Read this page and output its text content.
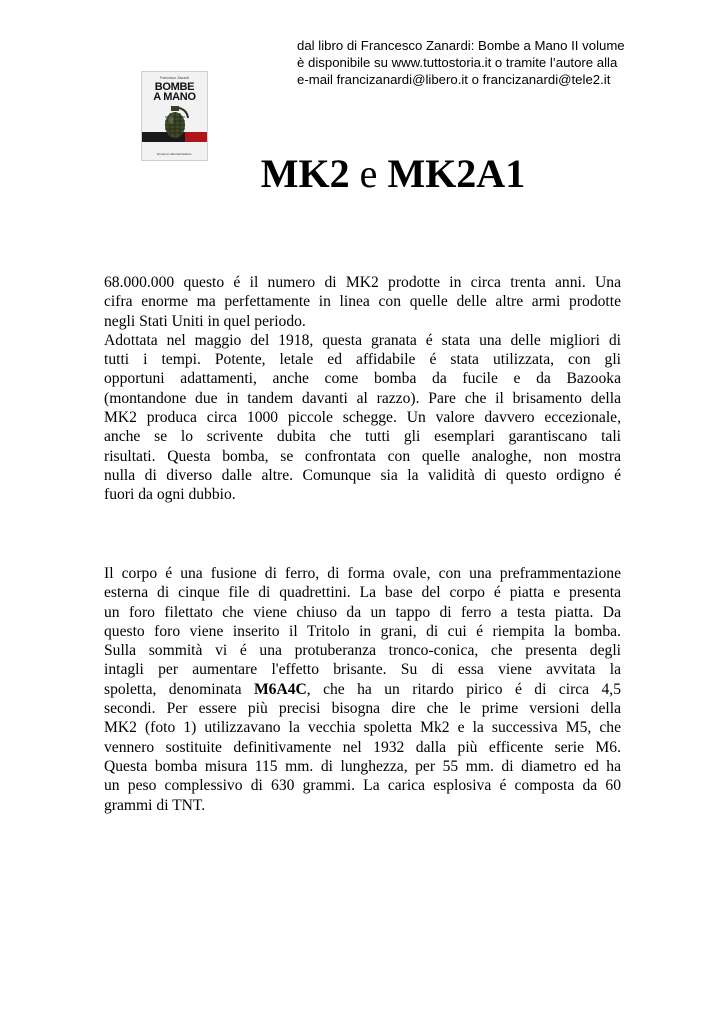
dal libro di Francesco Zanardi: Bombe a Mano II volume
è disponibile su www.tuttostoria.it o tramite l’autore alla
e-mail francizanardi@libero.it o francizanardi@tele2.it
Francesco Zanardi
BOMBE
A MANO
Ermanno Albertelli Editore	MK2 e MK2A1
68.000.000 questo é il numero di MK2 prodotte in circa trenta anni. Una
cifra enorme ma perfettamente in linea con quelle delle altre armi prodotte
negli Stati Uniti in quel periodo.
Adottata nel maggio del 1918, questa granata é stata una delle migliori di
tutti i tempi. Potente, letale ed affidabile é stata utilizzata, con gli
opportuni adattamenti, anche come bomba da fucile e da Bazooka
(montandone due in tandem davanti al razzo). Pare che il brisamento della
MK2 produca circa 1000 piccole schegge. Un valore davvero eccezionale,
anche se lo scrivente dubita che tutti gli esemplari garantiscano tali
risultati. Questa bomba, se confrontata con quelle analoghe, non mostra
nulla di diverso dalle altre. Comunque sia la validità di questo ordigno é
fuori da ogni dubbio.
Il corpo é una fusione di ferro, di forma ovale, con una preframmentazione
esterna di cinque file di quadrettini. La base del corpo é piatta e presenta
un foro filettato che viene chiuso da un tappo di ferro a testa piatta. Da
questo foro viene inserito il Tritolo in grani, di cui é riempita la bomba.
Sulla sommità vi é una protuberanza tronco-conica, che presenta degli
intagli per aumentare l'effetto brisante. Su di essa viene avvitata la
spoletta, denominata M6A4C, che ha un ritardo pirico é di circa 4,5
secondi. Per essere più precisi bisogna dire che le prime versioni della
MK2 (foto 1) utilizzavano la vecchia spoletta Mk2 e la successiva M5, che
vennero sostituite definitivamente nel 1932 dalla più efficente serie M6.
Questa bomba misura 115 mm. di lunghezza, per 55 mm. di diametro ed ha
un peso complessivo di 630 grammi. La carica esplosiva é composta da 60
grammi di TNT.
